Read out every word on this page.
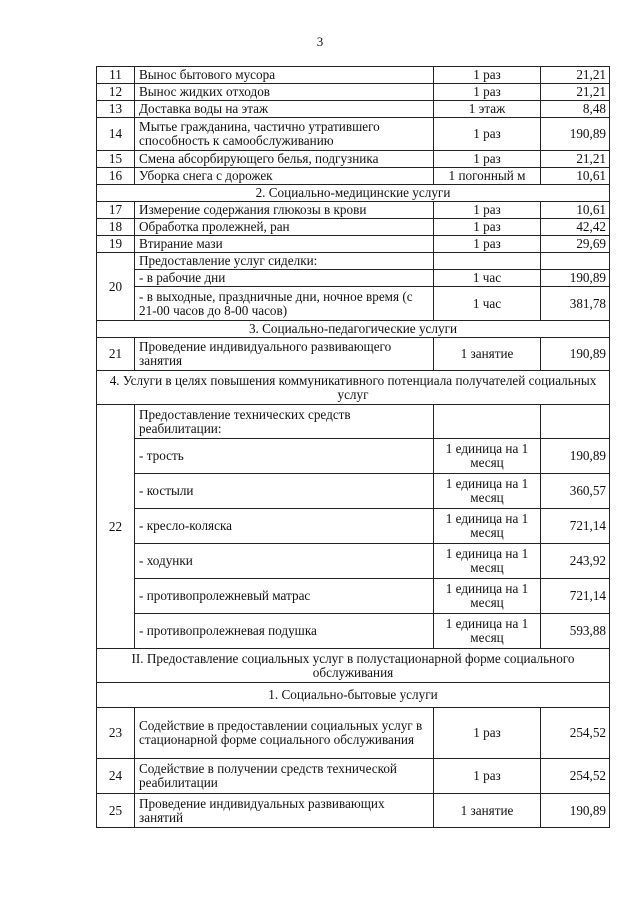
3
11	Вынос бытового мусора	1 раз	21,21
12	Вынос жидких отходов	1 раз	21,21
13	Доставка воды на этаж	1 этаж	8,48
14	Мытье гражданина, частично утратившего способность к самообслуживанию	1 раз	190,89
15	Смена абсорбирующего белья, подгузника	1 раз	21,21
16	Уборка снега с дорожек	1 погонный м	10,61
2. Социально-медицинские услуги			
17	Измерение содержания глюкозы в крови	1 раз	10,61
18	Обработка пролежней, ран	1 раз	42,42
19	Втирание мази	1 раз	29,69
20	Предоставление услуг сиделки:		
	- в рабочие дни	1 час	190,89
	- в выходные, праздничные дни, ночное время (с 21-00 часов до 8-00 часов)	1 час	381,78
3. Социально-педагогические услуги			
21	Проведение индивидуального развивающего занятия	1 занятие	190,89
4. Услуги в целях повышения коммуникативного потенциала получателей социальных услуг			
22	Предоставление технических средств реабилитации:		
	- трость	1 единица на 1 месяц	190,89
	- костыли	1 единица на 1 месяц	360,57
	- кресло-коляска	1 единица на 1 месяц	721,14
	- ходунки	1 единица на 1 месяц	243,92
	- противопролежневый матрас	1 единица на 1 месяц	721,14
	- противопролежневая подушка	1 единица на 1 месяц	593,88
II. Предоставление социальных услуг в полустационарной форме социального обслуживания			
1. Социально-бытовые услуги			
23	Содействие в предоставлении социальных услуг в стационарной форме социального обслуживания	1 раз	254,52
24	Содействие в получении средств технической реабилитации	1 раз	254,52
25	Проведение индивидуальных развивающих занятий	1 занятие	190,89
